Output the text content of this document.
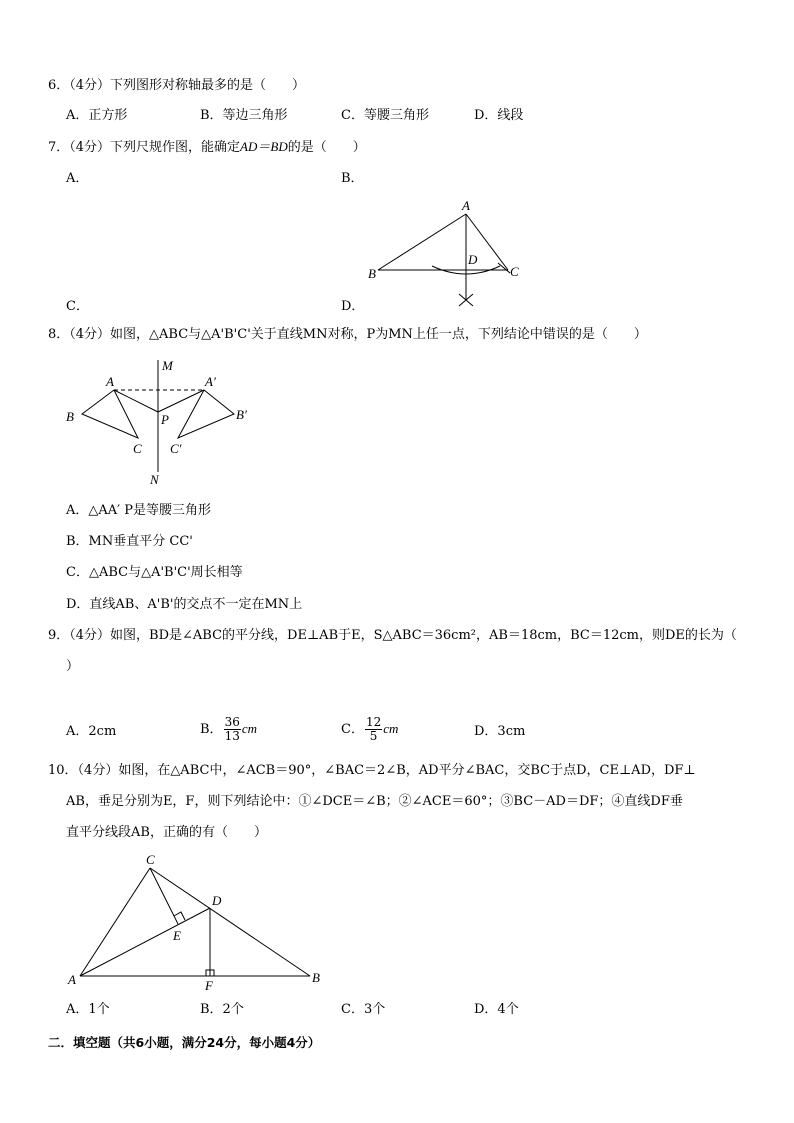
6．（4分）下列图形对称轴最多的是（　　）
A．正方形	B．等边三角形	C．等腰三角形	D．线段
7．（4分）下列尺规作图，能确定AD＝BD的是（　　）
A．	B．
C．	D．
A
B	C
D
8．（4分）如图，△ABC与△A'B'C'关于直线MN对称，P为MN上任一点，下列结论中错误的是（　　）
M
N
A
B
C
P
A′
B′
C′
A．△AA′ P是等腰三角形
B．MN垂直平分 CC'
C．△ABC与△A'B'C'周长相等
D．直线AB、A'B'的交点不一定在MN上
9．（4分）如图，BD是∠ABC的平分线，DE⊥AB于E，S△ABC＝36cm²，AB＝18cm，BC＝12cm，则DE的长为（
）
A．2cm	B． $\frac{36}{13}$ cm	C． $\frac{12}{5}$ cm	D．3cm
10．（4分）如图，在△ABC中，∠ACB＝90°，∠BAC＝2∠B，AD平分∠BAC，交BC于点D，CE⊥AD，DF⊥
AB，垂足分别为E，F，则下列结论中：①∠DCE＝∠B；②∠ACE＝60°；③BC－AD＝DF；④直线DF垂
直平分线段AB，正确的有（　　）
C
D
E
A	F
B
A．1个	B．2个	C．3个	D．4个
二．填空题（共6小题，满分24分，每小题4分）
